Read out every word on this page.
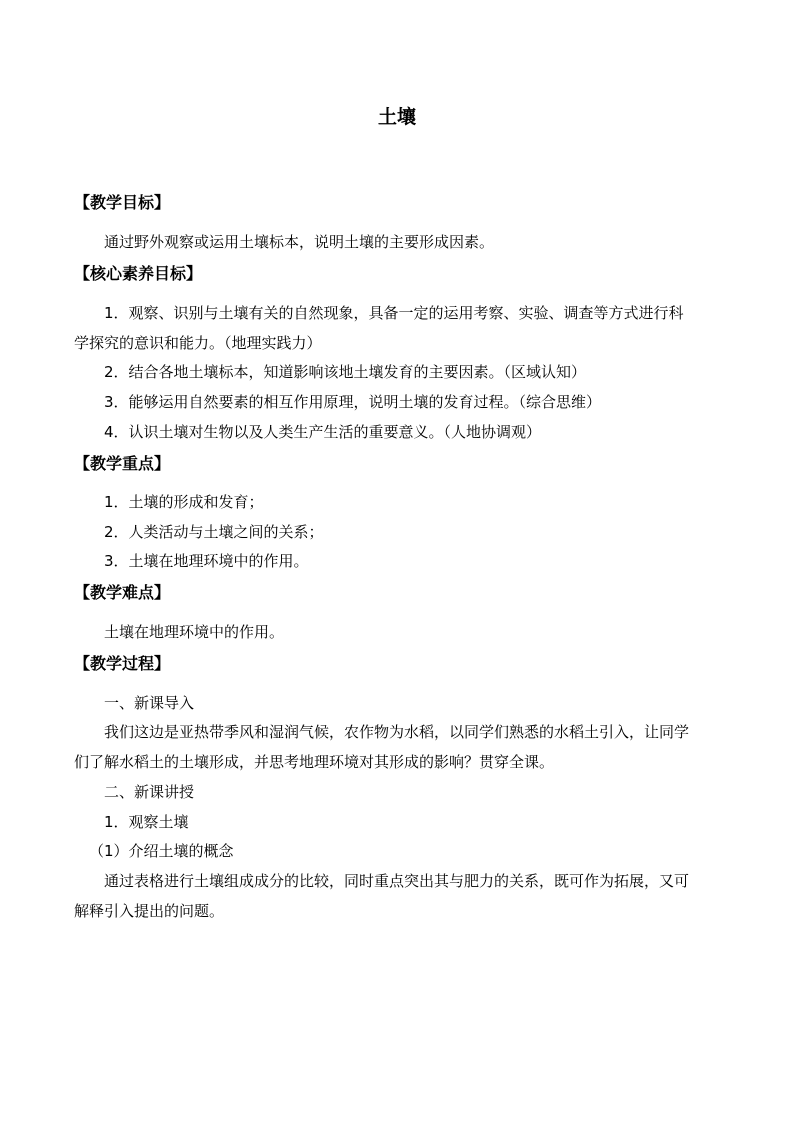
土壤
【教学目标】
通过野外观察或运用土壤标本，说明土壤的主要形成因素。
【核心素养目标】
1．观察、识别与土壤有关的自然现象，具备一定的运用考察、实验、调查等方式进行科
学探究的意识和能力。（地理实践力）
2．结合各地土壤标本，知道影响该地土壤发育的主要因素。（区域认知）
3．能够运用自然要素的相互作用原理，说明土壤的发育过程。（综合思维）
4．认识土壤对生物以及人类生产生活的重要意义。（人地协调观）
【教学重点】
1．土壤的形成和发育；
2．人类活动与土壤之间的关系；
3．土壤在地理环境中的作用。
【教学难点】
土壤在地理环境中的作用。
【教学过程】
一、新课导入
我们这边是亚热带季风和湿润气候，农作物为水稻，以同学们熟悉的水稻土引入，让同学
们了解水稻土的土壤形成，并思考地理环境对其形成的影响？贯穿全课。
二、新课讲授
1．观察土壤
（1）介绍土壤的概念
通过表格进行土壤组成成分的比较，同时重点突出其与肥力的关系，既可作为拓展，又可
解释引入提出的问题。
